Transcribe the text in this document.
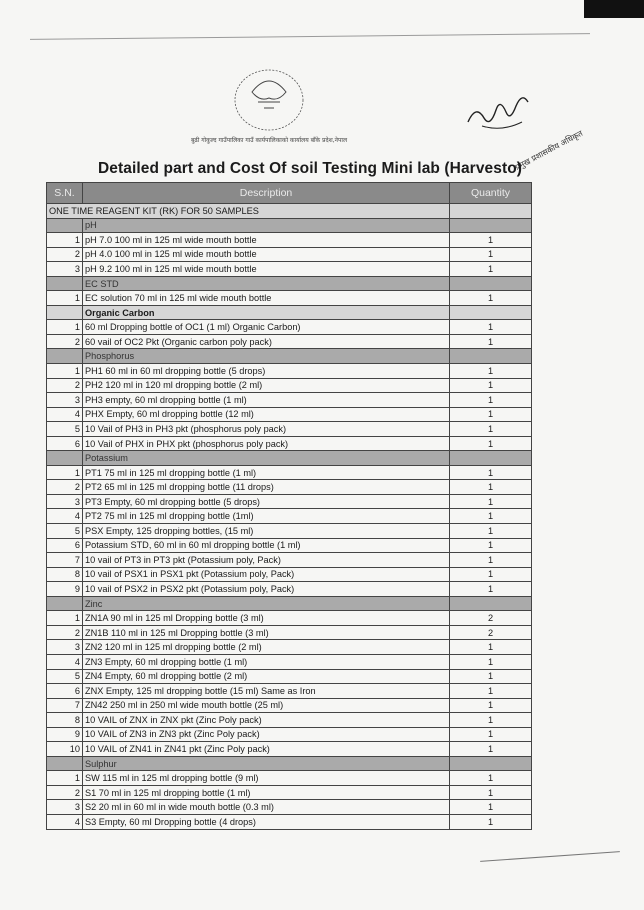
बुढी गोकुल्द गाउँपालिका गाउँ कार्यपालिकाको कार्यालय बाँके प्रदेश,नेपाल	प्रमुख प्रशासकीय अधिकृत
Detailed part and Cost Of soil Testing Mini lab (Harvesto)
S.N.	Description	Quantity
ONE TIME REAGENT KIT (RK) FOR 50 SAMPLES		
	pH	
1	pH 7.0 100 ml in 125 ml wide mouth bottle	1
2	pH 4.0 100 ml in 125 ml wide mouth bottle	1
3	pH 9.2 100 ml in 125 ml wide mouth bottle	1
	EC STD	
1	EC solution 70 ml in 125 ml wide mouth bottle	1
	Organic Carbon	
1	60 ml Dropping bottle of OC1 (1 ml) Organic Carbon)	1
2	60 vail of OC2 Pkt (Organic carbon poly pack)	1
	Phosphorus	
1	PH1 60 ml in 60 ml dropping bottle (5 drops)	1
2	PH2 120 ml in 120 ml dropping bottle (2 ml)	1
3	PH3 empty, 60 ml dropping bottle (1 ml)	1
4	PHX Empty, 60 ml dropping bottle (12 ml)	1
5	10 Vail of PH3 in PH3 pkt (phosphorus poly pack)	1
6	10 Vail of PHX in PHX pkt (phosphorus poly pack)	1
	Potassium	
1	PT1 75 ml in 125 ml dropping bottle (1 ml)	1
2	PT2 65 ml in 125 ml dropping bottle (11 drops)	1
3	PT3 Empty, 60 ml dropping bottle (5 drops)	1
4	PT2 75 ml in 125 ml dropping bottle (1ml)	1
5	PSX Empty, 125 dropping bottles, (15 ml)	1
6	Potassium STD, 60 ml in 60 ml dropping bottle (1 ml)	1
7	10 vail of PT3 in PT3 pkt (Potassium poly, Pack)	1
8	10 vail of PSX1 in PSX1 pkt (Potassium poly, Pack)	1
9	10 vail of PSX2 in PSX2 pkt (Potassium poly, Pack)	1
	Zinc	
1	ZN1A 90 ml in 125 ml Dropping bottle (3 ml)	2
2	ZN1B 110 ml in 125 ml Dropping bottle (3 ml)	2
3	ZN2 120 ml in 125 ml dropping bottle (2 ml)	1
4	ZN3 Empty, 60 ml dropping bottle (1 ml)	1
5	ZN4 Empty, 60 ml dropping bottle (2 ml)	1
6	ZNX Empty, 125 ml dropping bottle (15 ml) Same as Iron	1
7	ZN42 250 ml in 250 ml wide mouth bottle (25 ml)	1
8	10 VAIL of ZNX in ZNX pkt (Zinc Poly pack)	1
9	10 VAIL of ZN3 in ZN3 pkt (Zinc Poly pack)	1
10	10 VAIL of ZN41 in ZN41 pkt (Zinc Poly pack)	1
	Sulphur	
1	SW 115 ml in 125 ml dropping bottle (9 ml)	1
2	S1 70 ml in 125 ml dropping bottle (1 ml)	1
3	S2 20 ml in 60 ml in wide mouth bottle (0.3 ml)	1
4	S3 Empty, 60 ml Dropping bottle (4 drops)	1
